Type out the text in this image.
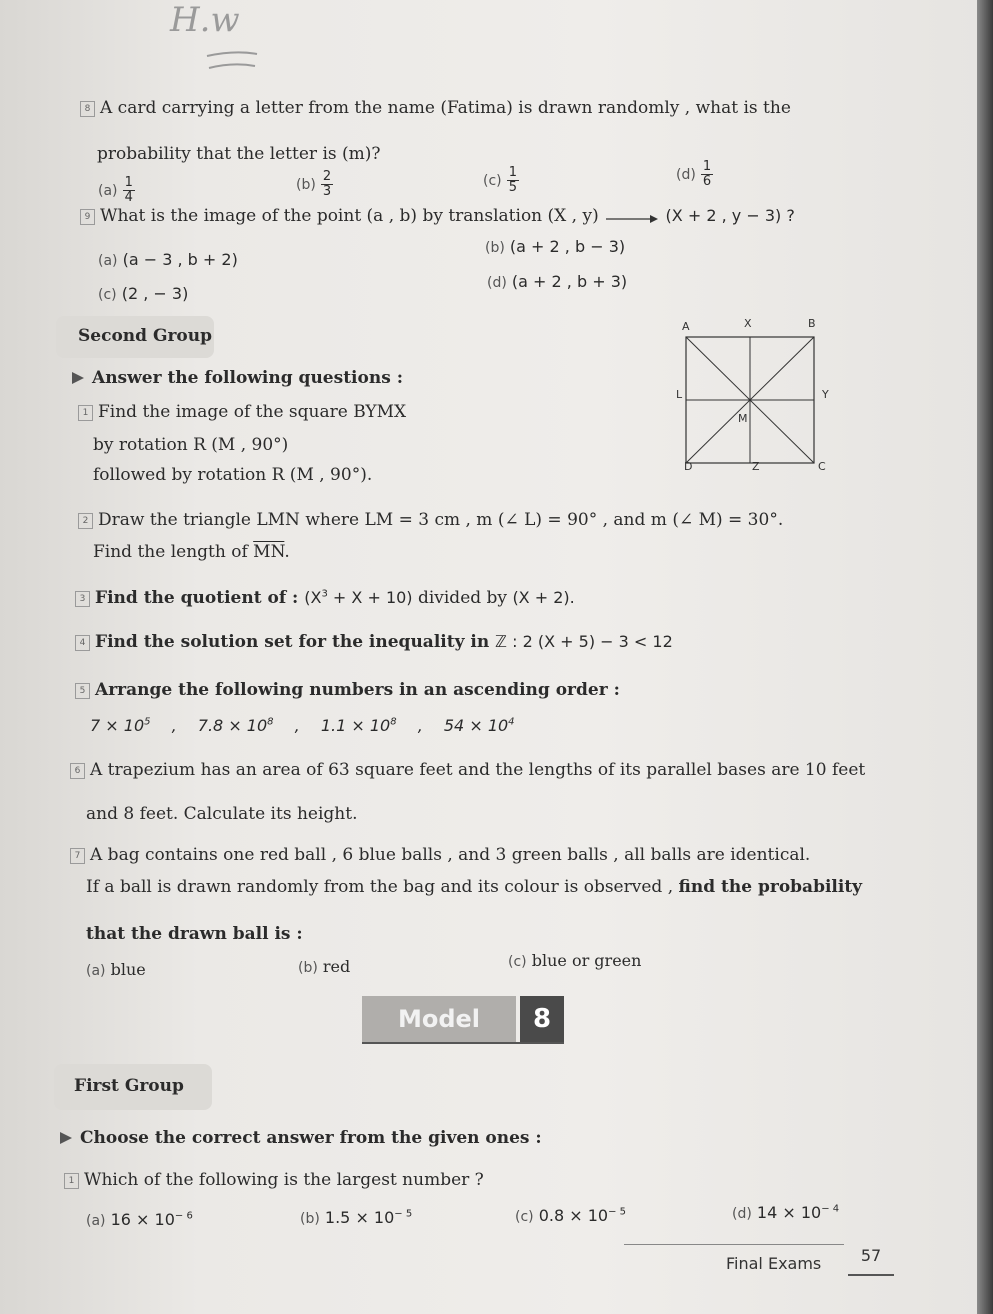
H.w
8 A card carrying a letter from the name (Fatima) is drawn randomly , what is the
probability that the letter is (m)?
$(a) \frac{1}{4}$	$(b) \frac{2}{3}$	$(c) \frac{1}{5}$	$(d) \frac{1}{6}$
9 What is the image of the point (a , b) by translation (X , y)	(X + 2 , y − 3) ?
(a) (a − 3 , b + 2)
(b) (a + 2 , b − 3)
(c) (2 , − 3)
(d) (a + 2 , b + 3)
Second Group
Answer the following questions :
A	X	B
L	Y
M
D	Z	C
1 Find the image of the square BYMX
by rotation R (M , 90°)
followed by rotation R (M , 90°).
2 Draw the triangle LMN where LM = 3 cm , m (∠ L) = 90° , and m (∠ M) = 30°.
Find the length of $\overline{MN}$.
3 Find the quotient of : $(X^3 + X + 10)$ divided by (X + 2).
4 Find the solution set for the inequality in ℤ : 2 (X + 5) − 3 < 12
5 Arrange the following numbers in an ascending order :
$7 \times 10^5$ , $7.8 \times 10^8$ , $1.1 \times 10^8$ , $54 \times 10^4$
6 A trapezium has an area of 63 square feet and the lengths of its parallel bases are 10 feet
and 8 feet. Calculate its height.
7 A bag contains one red ball , 6 blue balls , and 3 green balls , all balls are identical.
If a ball is drawn randomly from the bag and its colour is observed , find the probability
that the drawn ball is :
(a) blue	(b) red	(c) blue or green
Model	8
First Group
Choose the correct answer from the given ones :
1 Which of the following is the largest number ?
(a) $16 \times 10^{- 6}$	(b) $1.5 \times 10^{- 5}$	(c) $0.8 \times 10^{- 5}$	(d) $14 \times 10^{- 4}$
Final Exams	57
